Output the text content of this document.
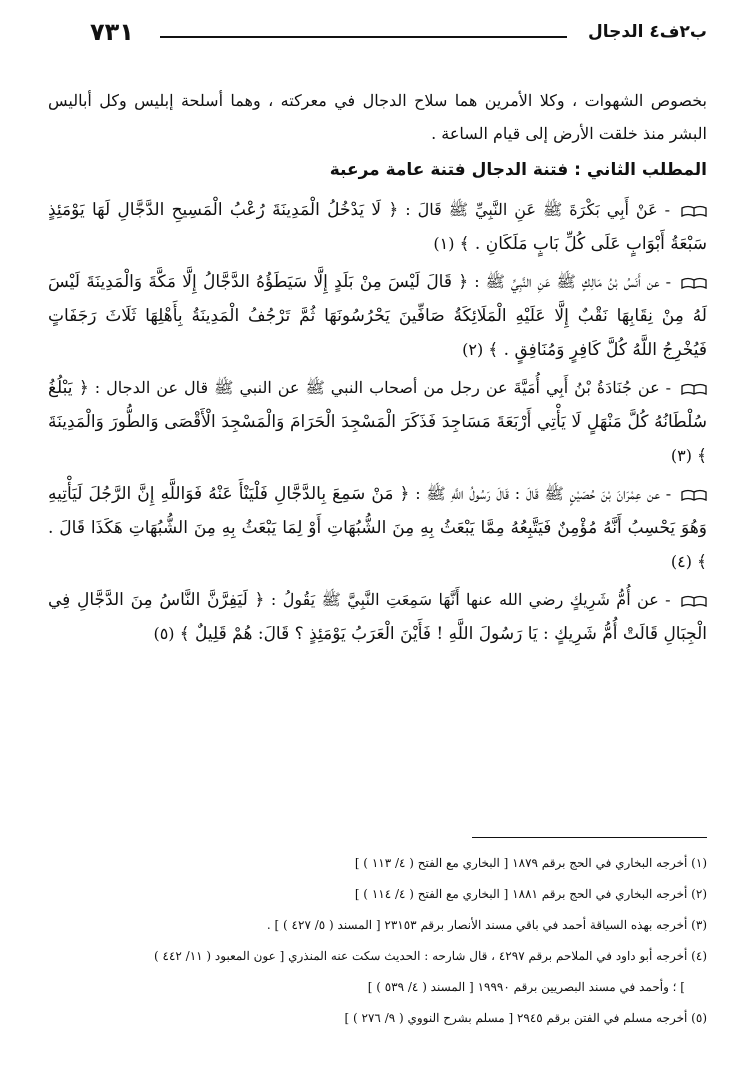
ب٢ف٤ الدجال
٧٣١

بخصوص الشهوات ، وكلا الأمرين هما سلاح الدجال في معركته ، وهما أسلحة إبليس وكل أباليس البشر منذ خلقت الأرض إلى قيام الساعة .

المطلب الثاني : فتنة الدجال فتنة عامة مرعبة

- عَنْ أَبِي بَكْرَةَ ﷺ عَنِ النَّبِيِّ ﷺ قَالَ : ﴿ لَا يَدْخُلُ الْمَدِينَةَ رُعْبُ الْمَسِيحِ الدَّجَّالِ لَهَا يَوْمَئِذٍ سَبْعَةُ أَبْوَابٍ عَلَى كُلِّ بَابٍ مَلَكَانِ . ﴾ (١)

- عن أَنَسُ بْنُ مَالِكٍ ﷺ عَنِ النَّبِيِّ ﷺ : ﴿ قَالَ لَيْسَ مِنْ بَلَدٍ إِلَّا سَيَطَؤُهُ الدَّجَّالُ إِلَّا مَكَّةَ وَالْمَدِينَةَ لَيْسَ لَهُ مِنْ نِقَابِهَا نَقْبٌ إِلَّا عَلَيْهِ الْمَلَائِكَةُ صَافِّينَ يَحْرُسُونَهَا ثُمَّ تَرْجُفُ الْمَدِينَةُ بِأَهْلِهَا ثَلَاثَ رَجَفَاتٍ فَيُخْرِجُ اللَّهُ كُلَّ كَافِرٍ وَمُنَافِقٍ . ﴾ (٢)

- عن جُنَادَةُ بْنُ أَبِي أُمَيَّةَ عن رجل من أصحاب النبي ﷺ عن النبي ﷺ قال عن الدجال : ﴿ يَبْلُغُ سُلْطَانُهُ كُلَّ مَنْهَلٍ لَا يَأْتِي أَرْبَعَةَ مَسَاجِدَ فَذَكَرَ الْمَسْجِدَ الْحَرَامَ وَالْمَسْجِدَ الْأَقْصَى وَالطُّورَ وَالْمَدِينَةَ ﴾ (٣)

- عن عِمْرَانَ بْنَ حُصَيْنٍ ﷺ قَالَ : قَالَ رَسُولُ اللَّهِ ﷺ : ﴿ مَنْ سَمِعَ بِالدَّجَّالِ فَلْيَنْأَ عَنْهُ فَوَاللَّهِ إِنَّ الرَّجُلَ لَيَأْتِيهِ وَهُوَ يَحْسِبُ أَنَّهُ مُؤْمِنٌ فَيَتَّبِعُهُ مِمَّا يَبْعَثُ بِهِ مِنَ الشُّبُهَاتِ أَوْ لِمَا يَبْعَثُ بِهِ مِنَ الشُّبُهَاتِ هَكَذَا قَالَ . ﴾ (٤)

- عن أُمُّ شَرِيكٍ رضي الله عنها أَنَّهَا سَمِعَتِ النَّبِيَّ ﷺ يَقُولُ : ﴿ لَيَفِرَّنَّ النَّاسُ مِنَ الدَّجَّالِ فِي الْجِبَالِ قَالَتْ أُمُّ شَرِيكٍ : يَا رَسُولَ اللَّهِ ! فَأَيْنَ الْعَرَبُ يَوْمَئِذٍ ؟ قَالَ: هُمْ قَلِيلٌ ﴾ (٥)

(١) أخرجه البخاري في الحج برقم ١٨٧٩ [ البخاري مع الفتح ( ٤/ ١١٣ ) ]

(٢) أخرجه البخاري في الحج برقم ١٨٨١ [ البخاري مع الفتح ( ٤/ ١١٤ ) ]

(٣) أخرجه بهذه السياقة أحمد في باقي مسند الأنصار برقم ٢٣١٥٣ [ المسند ( ٥/ ٤٢٧ ) ] .

(٤) أخرجه أبو داود في الملاحم برقم ٤٢٩٧ ، قال شارحه : الحديث سكت عنه المنذري [ عون المعبود ( ١١/ ٤٤٢ )

] ؛ وأحمد في مسند البصريين برقم ١٩٩٩٠ [ المسند ( ٤/ ٥٣٩ ) ]

(٥) أخرجه مسلم في الفتن برقم ٢٩٤٥ [ مسلم بشرح النووي ( ٩/ ٢٧٦ ) ]
